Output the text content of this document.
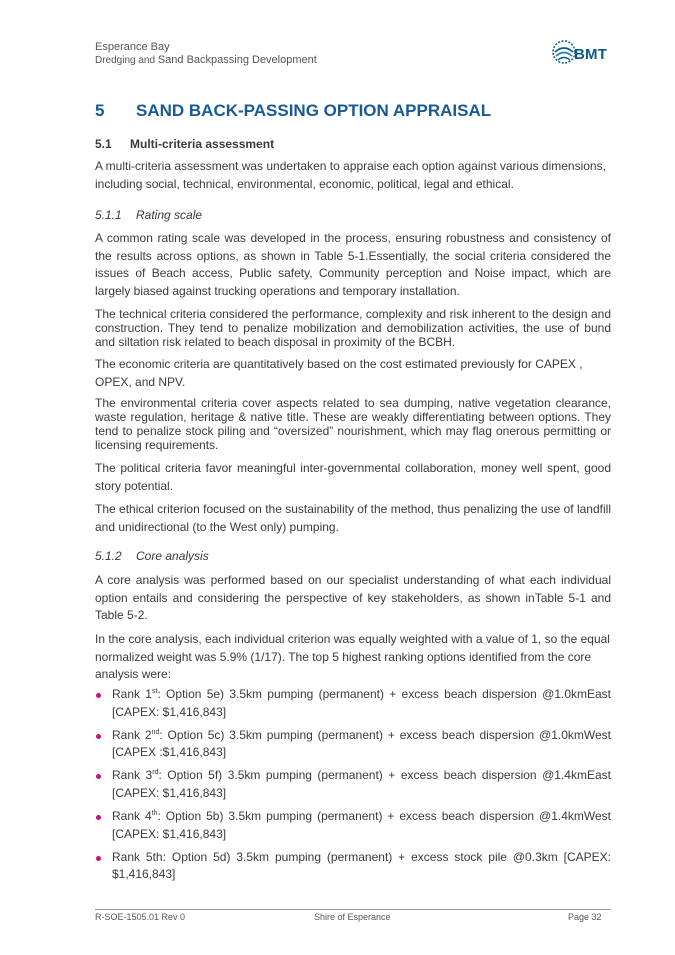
Esperance Bay
Dredging and Sand Backpassing Development	BMT
5 SAND BACK-PASSING OPTION APPRAISAL
5.1 Multi-criteria assessment

A multi-criteria assessment was undertaken to appraise each option against various dimensions, including social, technical, environmental, economic, political, legal and ethical.

5.1.1 Rating scale

A common rating scale was developed in the process, ensuring robustness and consistency of the results across options, as shown in Table 5-1.Essentially, the social criteria considered the issues of Beach access, Public safety, Community perception and Noise impact, which are largely biased against trucking operations and temporary installation.

The technical criteria considered the performance, complexity and risk inherent to the design and construction. They tend to penalize mobilization and demobilization activities, the use of bund and siltation risk related to beach disposal in proximity of the BCBH.

The economic criteria are quantitatively based on the cost estimated previously for CAPEX , OPEX, and NPV.

The environmental criteria cover aspects related to sea dumping, native vegetation clearance, waste regulation, heritage & native title. These are weakly differentiating between options. They tend to penalize stock piling and “oversized” nourishment, which may flag onerous permitting or licensing requirements.

The political criteria favor meaningful inter-governmental collaboration, money well spent, good story potential.

The ethical criterion focused on the sustainability of the method, thus penalizing the use of landfill and unidirectional (to the West only) pumping.

5.1.2 Core analysis

A core analysis was performed based on our specialist understanding of what each individual option entails and considering the perspective of key stakeholders, as shown inTable 5-1 and Table 5-2.

In the core analysis, each individual criterion was equally weighted with a value of 1, so the equal normalized weight was 5.9% (1/17). The top 5 highest ranking options identified from the core analysis were:

Rank 1st: Option 5e) 3.5km pumping (permanent) + excess beach dispersion @1.0kmEast [CAPEX: $1,416,843]
Rank 2nd: Option 5c) 3.5km pumping (permanent) + excess beach dispersion @1.0kmWest [CAPEX :$1,416,843]
Rank 3rd: Option 5f) 3.5km pumping (permanent) + excess beach dispersion @1.4kmEast [CAPEX: $1,416,843]
Rank 4th: Option 5b) 3.5km pumping (permanent) + excess beach dispersion @1.4kmWest [CAPEX: $1,416,843]
Rank 5th: Option 5d) 3.5km pumping (permanent) + excess stock pile @0.3km [CAPEX: $1,416,843]
R-SOE-1505.01 Rev 0	Shire of Esperance	Page 32
